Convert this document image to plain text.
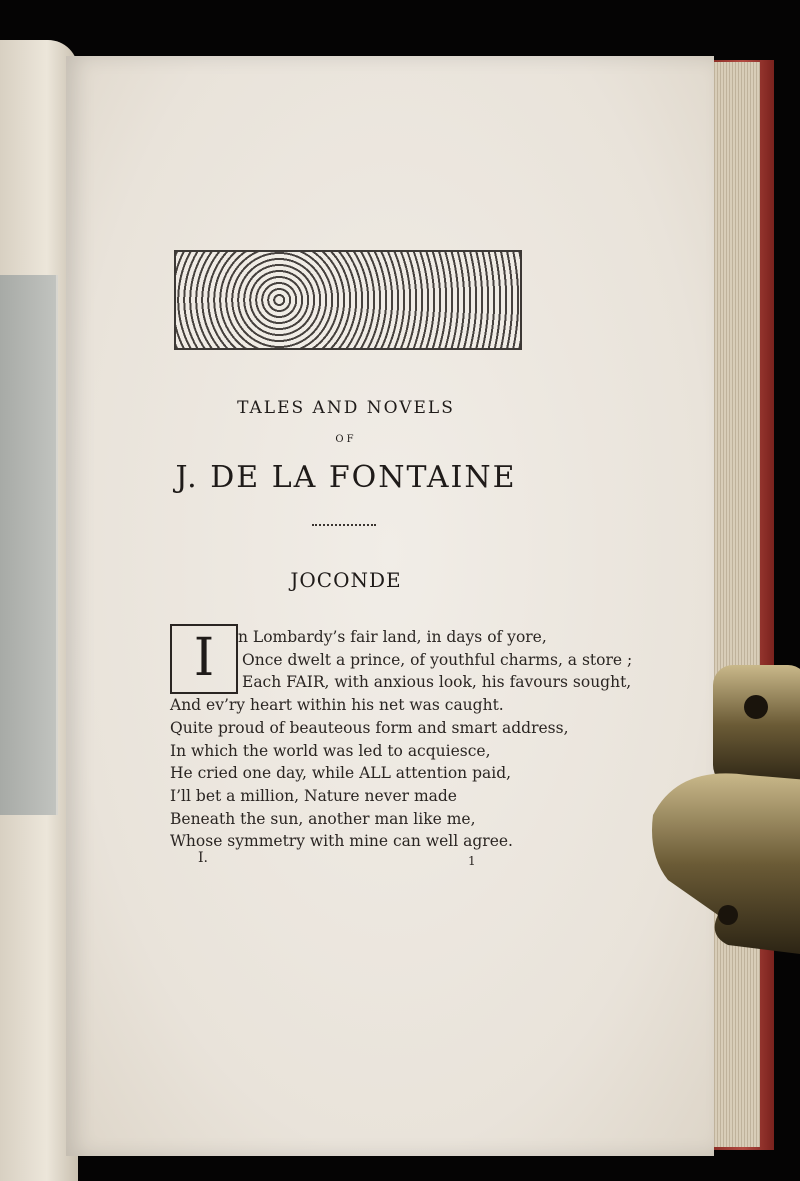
TALES AND NOVELS
OF
J. DE LA FONTAINE
JOCONDE
I	n Lombardy’s fair land, in days of yore,
Once dwelt a prince, of youthful charms, a store ;
Each FAIR, with anxious look, his favours sought,
And ev’ry heart within his net was caught.
Quite proud of beauteous form and smart address,
In which the world was led to acquiesce,
He cried one day, while ALL attention paid,
I’ll bet a million, Nature never made
Beneath the sun, another man like me,
Whose symmetry with mine can well agree.
I.	1
